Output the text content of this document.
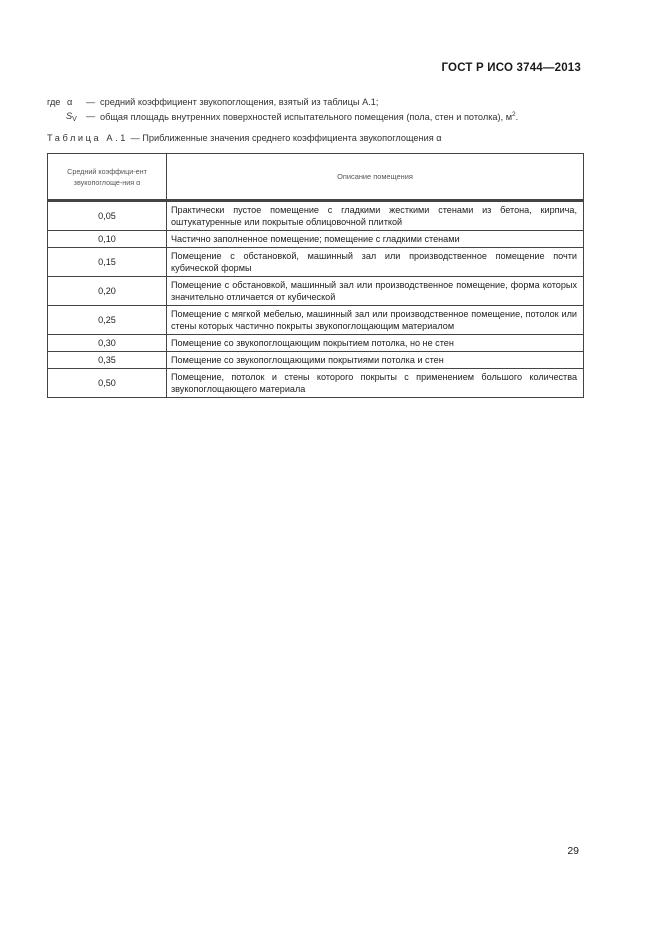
ГОСТ Р ИСО 3744—2013
где α — средний коэффициент звукопоглощения, взятый из таблицы А.1;
$S_V$ — общая площадь внутренних поверхностей испытательного помещения (пола, стен и потолка), $м^2$.
Таблица А.1 — Приближенные значения среднего коэффициента звукопоглощения α
Средний коэффици-ент звукопоглоще-ния α	Описание помещения

0,05	Практически пустое помещение с гладкими жесткими стенами из бетона, кирпича, оштукатуренные или покрытые облицовочной плиткой
0,10	Частично заполненное помещение; помещение с гладкими стенами
0,15	Помещение с обстановкой, машинный зал или производственное помещение почти кубической формы
0,20	Помещение с обстановкой, машинный зал или производственное помещение, форма которых значительно отличается от кубической
0,25	Помещение с мягкой мебелью, машинный зал или производственное помещение, потолок или стены которых частично покрыты звукопоглощающим материалом
0,30	Помещение со звукопоглощающим покрытием потолка, но не стен
0,35	Помещение со звукопоглощающими покрытиями потолка и стен
0,50	Помещение, потолок и стены которого покрыты с применением большого количества звукопоглощающего материала
29
